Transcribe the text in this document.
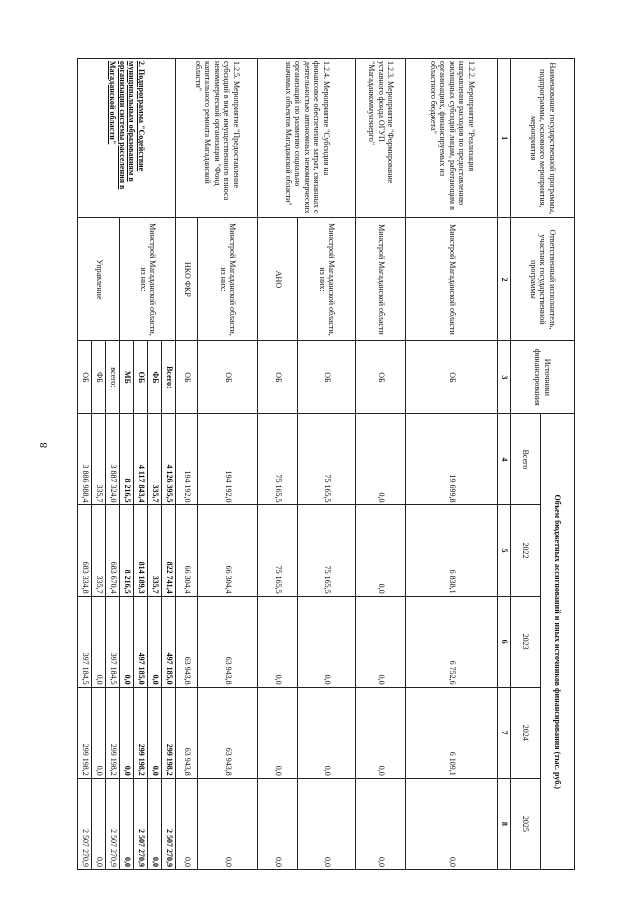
8
Наименование государственной программы, подпрограммы, основного мероприятия, мероприятия	Ответственный исполнитель, участник государственной программы	Источники финансирования	Объем бюджетных ассигнований и иных источников финансирования (тыс. руб.)				
			Всего	2022	2023	2024	2025
1	2	3	4	5	6	7	8
1.2.2. Мероприятие "Реализация направления расходов по предоставлению жилищных субсидий лицам, работающим в организациях, финансируемых из областного бюджета"	Минстрой Магаданской области	ОБ	19 699,8	6 838,1	6 752,6	6 109,1	0,0
1.2.3. Мероприятие "Формирование уставного фонда ОГУП "Магаданкоммунэнерго"	Минстрой Магаданской области	ОБ	0,0	0,0	0,0	0,0	0,0
1.2.4. Мероприятие "Субсидия на финансовое обеспечение затрат, связанных с деятельностью автономных некоммерческих организаций по развитию социально значимых объектов Магаданской области"	Минстрой Магаданской области, из них:	ОБ	75 165,5	75 165,5	0,0	0,0	0,0
	АНО	ОБ	75 165,5	75 165,5	0,0	0,0	0,0
1.2.5. Мероприятие "Предоставление субсидий в виде имущественного взноса некоммерческой организации "Фонд капитального ремонта Магаданской области"	Минстрой Магаданской области, из них:	ОБ	194 192,0	66 304,4	63 943,8	63 943,8	0,0
	НКО ФКР	ОБ	194 192,0	66 304,4	63 943,8	63 943,8	0,0
2. Подпрограмма "Содействие муниципальным образованиям в организации системы расселения в Магаданской области"	Минстрой Магаданской области, из них:	Всего:	4 126 395,5	822 741,4	497 185,0	299 198,2	2 507 270,9
		ФБ	335,7	335,7	0,0	0,0	0,0
		ОБ	4 117 843,4	814 189,3	497 185,0	299 198,2	2 507 270,9
		МБ	8 216,5	8 216,5	0,0	0,0	0,0
	Управление	всего:	3 887 324,0	683 670,4	397 184,5	299 198,2	2 507 270,9
		ФБ	335,7	335,7	0,0	0,0	0,0
		ОБ	3 886 988,4	683 334,8	397 184,5	299 198,2	2 507 270,9
